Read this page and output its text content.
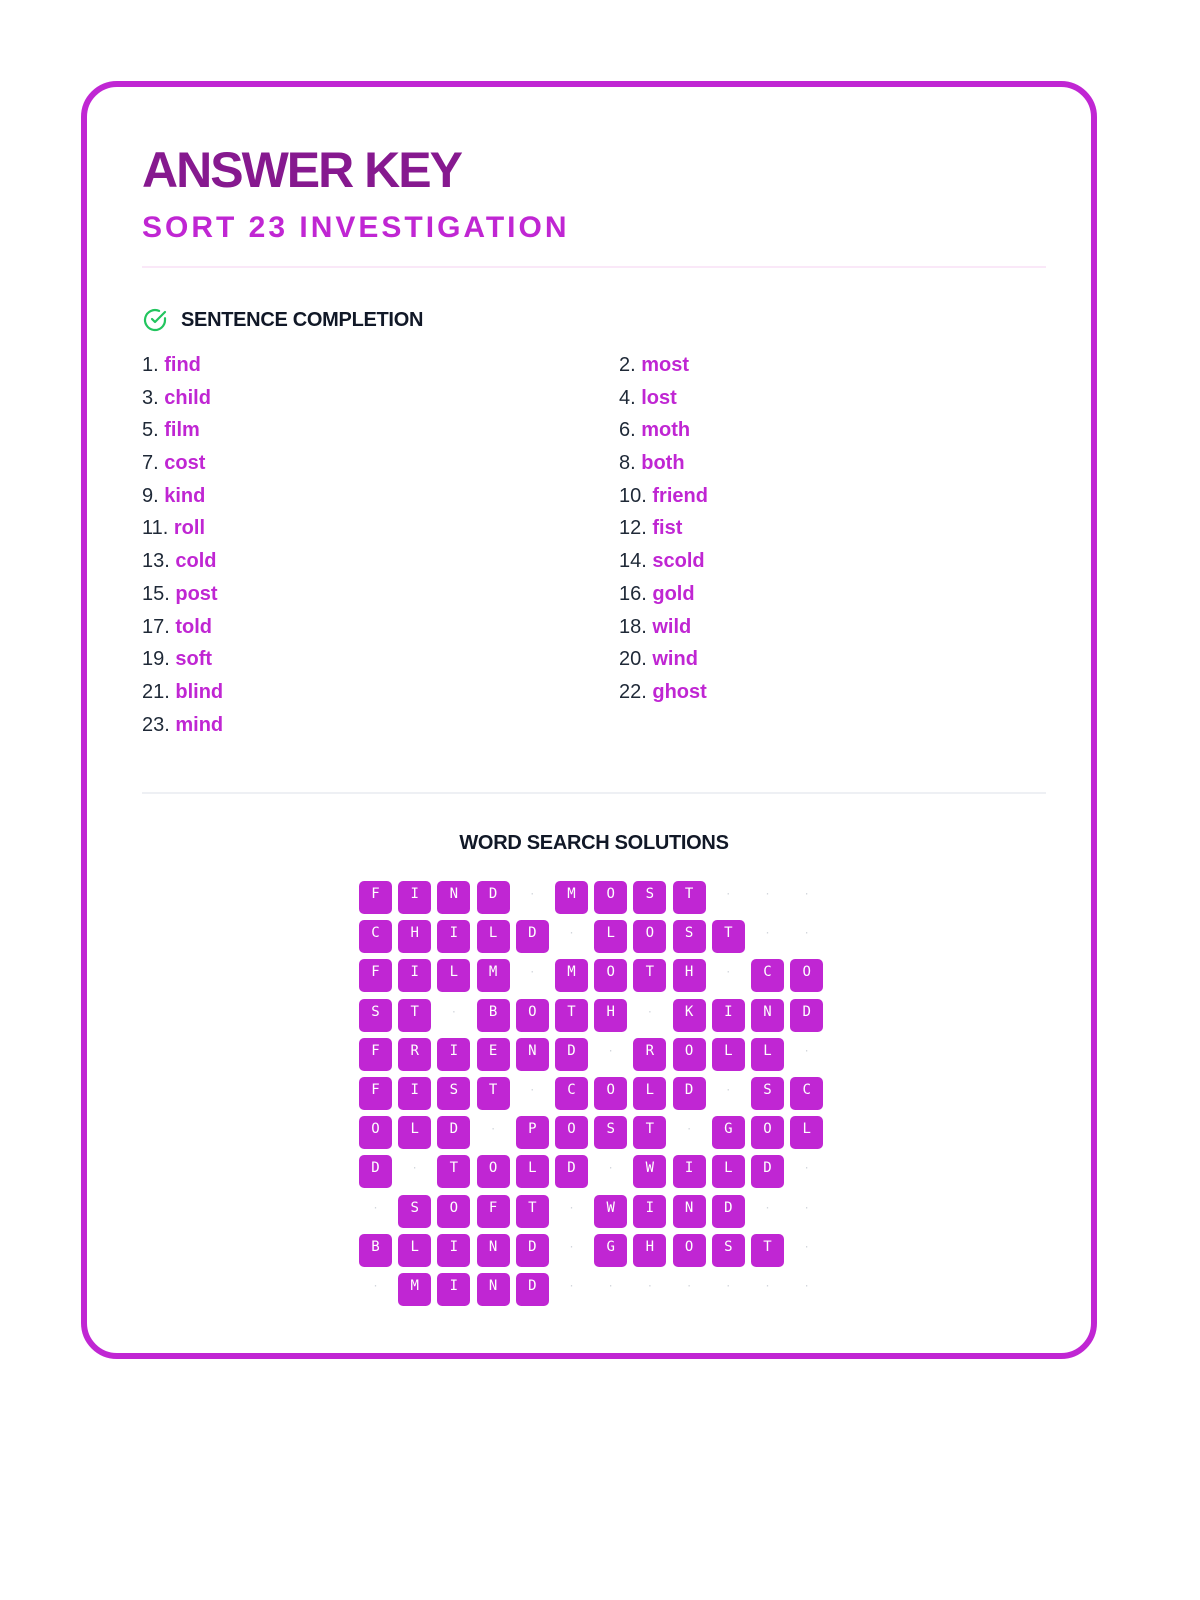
ANSWER KEY
SORT 23 INVESTIGATION
SENTENCE COMPLETION
1. find
3. child
5. film
7. cost
9. kind
11. roll
13. cold
15. post
17. told
19. soft
21. blind
23. mind
2. most
4. lost
6. moth
8. both
10. friend
12. fist
14. scold
16. gold
18. wild
20. wind
22. ghost
WORD SEARCH SOLUTIONS
F	I	N	D	·	M	O	S	T	·	·	·
C	H	I	L	D	·	L	O	S	T	·	·
F	I	L	M	·	M	O	T	H	·	C	O
S	T	·	B	O	T	H	·	K	I	N	D
F	R	I	E	N	D	·	R	O	L	L	·
F	I	S	T	·	C	O	L	D	·	S	C
O	L	D	·	P	O	S	T	·	G	O	L
D	·	T	O	L	D	·	W	I	L	D	·
·	S	O	F	T	·	W	I	N	D	·	·
B	L	I	N	D	·	G	H	O	S	T	·
·	M	I	N	D	·	·	·	·	·	·	·
